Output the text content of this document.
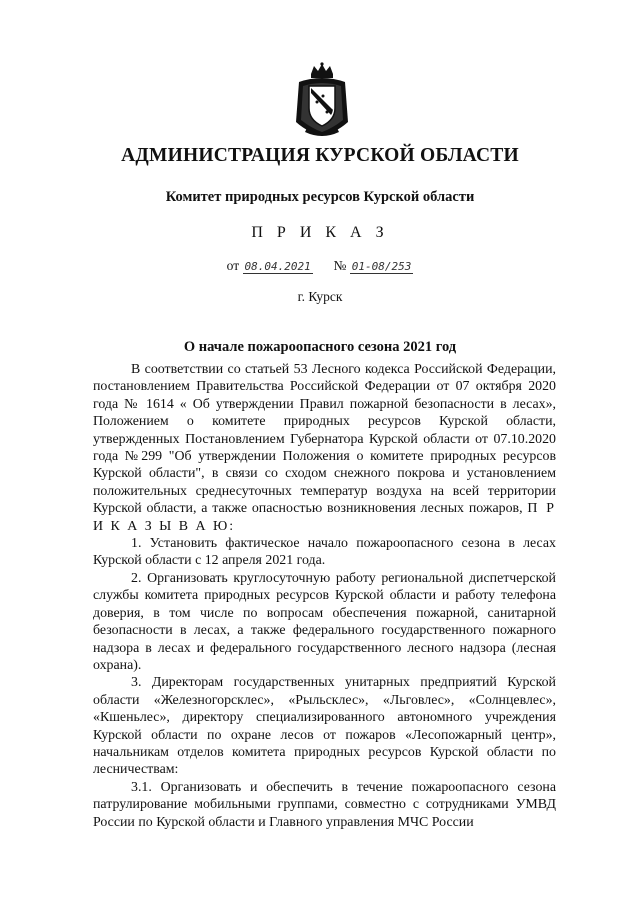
АДМИНИСТРАЦИЯ КУРСКОЙ ОБЛАСТИ
Комитет природных ресурсов Курской области
П Р И К А З
от 08.04.2021 № 01-08/253
г. Курск
О начале пожароопасного сезона 2021 год

В соответствии со статьей 53 Лесного кодекса Российской Федерации, постановлением Правительства Российской Федерации от 07 октября 2020 года № 1614 « Об утверждении Правил пожарной безопасности в лесах», Положением о комитете природных ресурсов Курской области, утвержденных Постановлением Губернатора Курской области от 07.10.2020 года №299 "Об утверждении Положения о комитете природных ресурсов Курской области", в связи со сходом снежного покрова и установлением положительных среднесуточных температур воздуха на всей территории Курской области, а также опасностью возникновения лесных пожаров, П Р И К А З Ы В А Ю:

1. Установить фактическое начало пожароопасного сезона в лесах Курской области с 12 апреля 2021 года.

2. Организовать круглосуточную работу региональной диспетчерской службы комитета природных ресурсов Курской области и работу телефона доверия, в том числе по вопросам обеспечения пожарной, санитарной безопасности в лесах, а также федерального государственного пожарного надзора в лесах и федерального государственного лесного надзора (лесная охрана).

3. Директорам государственных унитарных предприятий Курской области «Железногорсклес», «Рыльсклес», «Льговлес», «Солнцевлес», «Кшеньлес», директору специализированного автономного учреждения Курской области по охране лесов от пожаров «Лесопожарный центр», начальникам отделов комитета природных ресурсов Курской области по лесничествам:

3.1. Организовать и обеспечить в течение пожароопасного сезона патрулирование мобильными группами, совместно с сотрудниками УМВД России по Курской области и Главного управления МЧС России
